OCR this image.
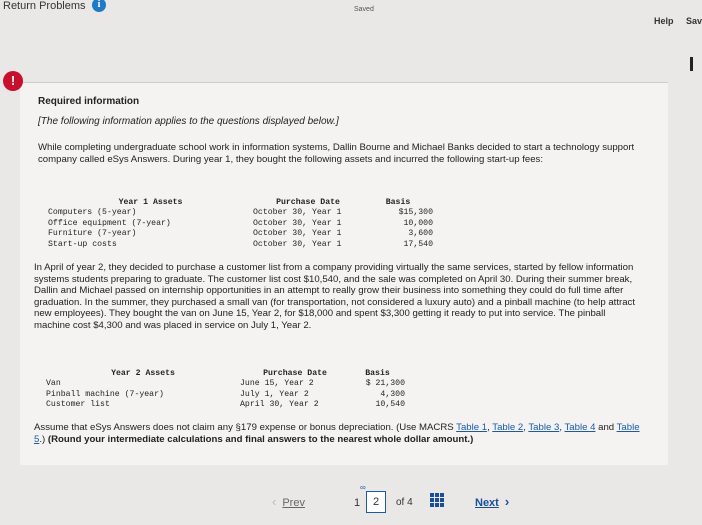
Return Problems	i	Saved
Help Sav
!
Required information
[The following information applies to the questions displayed below.]
While completing undergraduate school work in information systems, Dallin Bourne and Michael Banks decided to start a technology support company called eSys Answers. During year 1, they bought the following assets and incurred the following start-up fees:
Year 1 Assets	Purchase Date	Basis
Computers (5-year)	October 30, Year 1	$15,300
Office equipment (7-year)	October 30, Year 1	10,000
Furniture (7-year)	October 30, Year 1	3,600
Start-up costs	October 30, Year 1	17,540
In April of year 2, they decided to purchase a customer list from a company providing virtually the same services, started by fellow information systems students preparing to graduate. The customer list cost $10,540, and the sale was completed on April 30. During their summer break, Dallin and Michael passed on internship opportunities in an attempt to really grow their business into something they could do full time after graduation. In the summer, they purchased a small van (for transportation, not considered a luxury auto) and a pinball machine (to help attract new employees). They bought the van on June 15, Year 2, for $18,000 and spent $3,300 getting it ready to put into service. The pinball machine cost $4,300 and was placed in service on July 1, Year 2.
Year 2 Assets	Purchase Date	Basis
Van	June 15, Year 2	$ 21,300
Pinball machine (7-year)	July 1, Year 2	4,300
Customer list	April 30, Year 2	10,540
Assume that eSys Answers does not claim any §179 expense or bonus depreciation. (Use MACRS Table 1, Table 2, Table 3, Table 4 and Table 5.) (Round your intermediate calculations and final answers to the nearest whole dollar amount.)
‹ Prev
∞
1	2	of 4	Next ›
